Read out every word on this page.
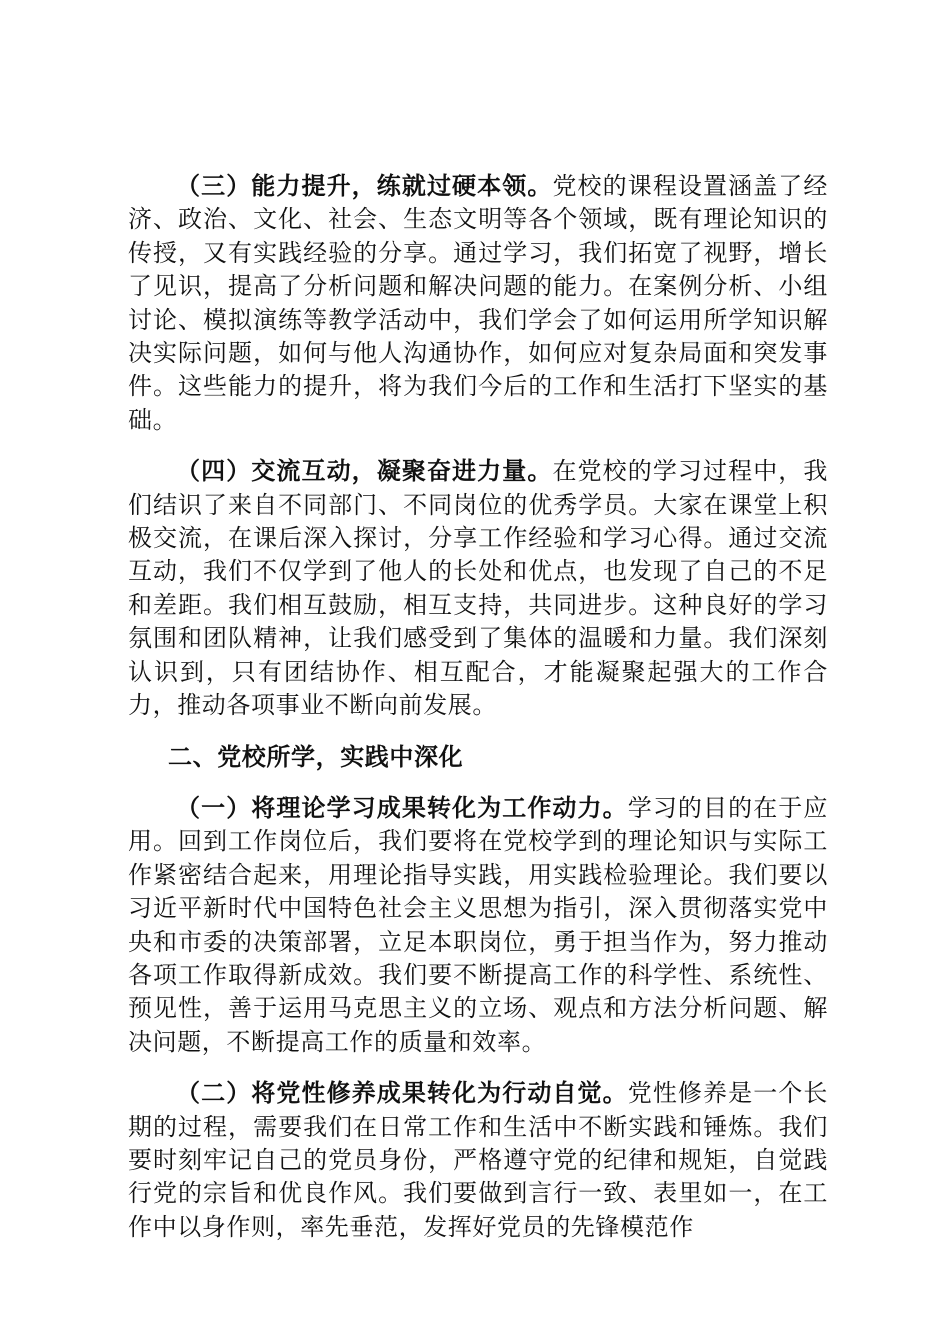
（三）能力提升，练就过硬本领。党校的课程设置涵盖了经济、政治、文化、社会、生态文明等各个领域，既有理论知识的传授，又有实践经验的分享。通过学习，我们拓宽了视野，增长了见识，提高了分析问题和解决问题的能力。在案例分析、小组讨论、模拟演练等教学活动中，我们学会了如何运用所学知识解决实际问题，如何与他人沟通协作，如何应对复杂局面和突发事件。这些能力的提升，将为我们今后的工作和生活打下坚实的基础。

（四）交流互动，凝聚奋进力量。在党校的学习过程中，我们结识了来自不同部门、不同岗位的优秀学员。大家在课堂上积极交流，在课后深入探讨，分享工作经验和学习心得。通过交流互动，我们不仅学到了他人的长处和优点，也发现了自己的不足和差距。我们相互鼓励，相互支持，共同进步。这种良好的学习氛围和团队精神，让我们感受到了集体的温暖和力量。我们深刻认识到，只有团结协作、相互配合，才能凝聚起强大的工作合力，推动各项事业不断向前发展。

二、党校所学，实践中深化

（一）将理论学习成果转化为工作动力。学习的目的在于应用。回到工作岗位后，我们要将在党校学到的理论知识与实际工作紧密结合起来，用理论指导实践，用实践检验理论。我们要以习近平新时代中国特色社会主义思想为指引，深入贯彻落实党中央和市委的决策部署，立足本职岗位，勇于担当作为，努力推动各项工作取得新成效。我们要不断提高工作的科学性、系统性、预见性，善于运用马克思主义的立场、观点和方法分析问题、解决问题，不断提高工作的质量和效率。

（二）将党性修养成果转化为行动自觉。党性修养是一个长期的过程，需要我们在日常工作和生活中不断实践和锤炼。我们要时刻牢记自己的党员身份，严格遵守党的纪律和规矩，自觉践行党的宗旨和优良作风。我们要做到言行一致、表里如一，在工作中以身作则，率先垂范，发挥好党员的先锋模范作
